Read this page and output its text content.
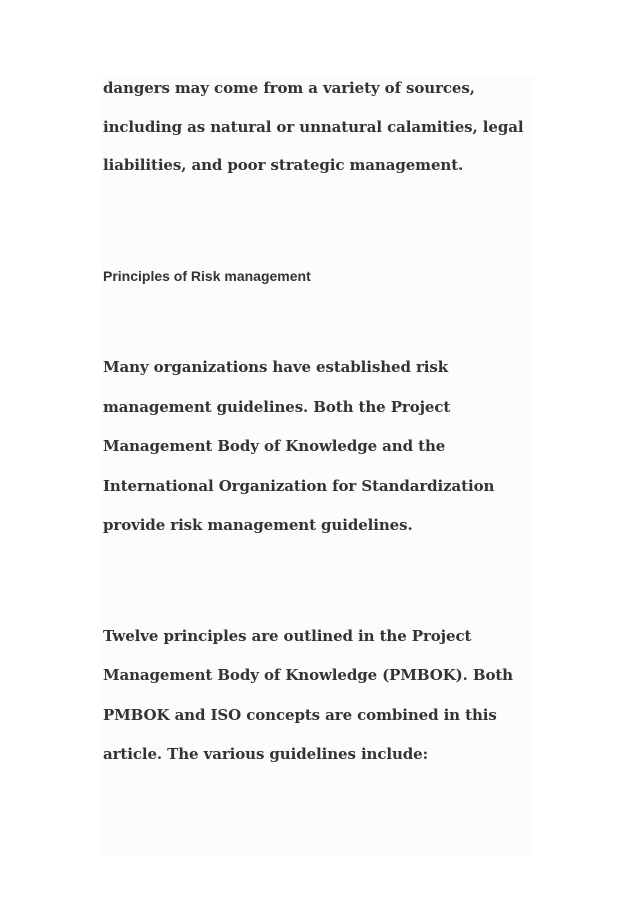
dangers may come from a variety of sources,

including as natural or unnatural calamities, legal

liabilities, and poor strategic management.

Principles of Risk management

Many organizations have established risk

management guidelines. Both the Project

Management Body of Knowledge and the

International Organization for Standardization

provide risk management guidelines.

Twelve principles are outlined in the Project

Management Body of Knowledge (PMBOK). Both

PMBOK and ISO concepts are combined in this

article. The various guidelines include:
